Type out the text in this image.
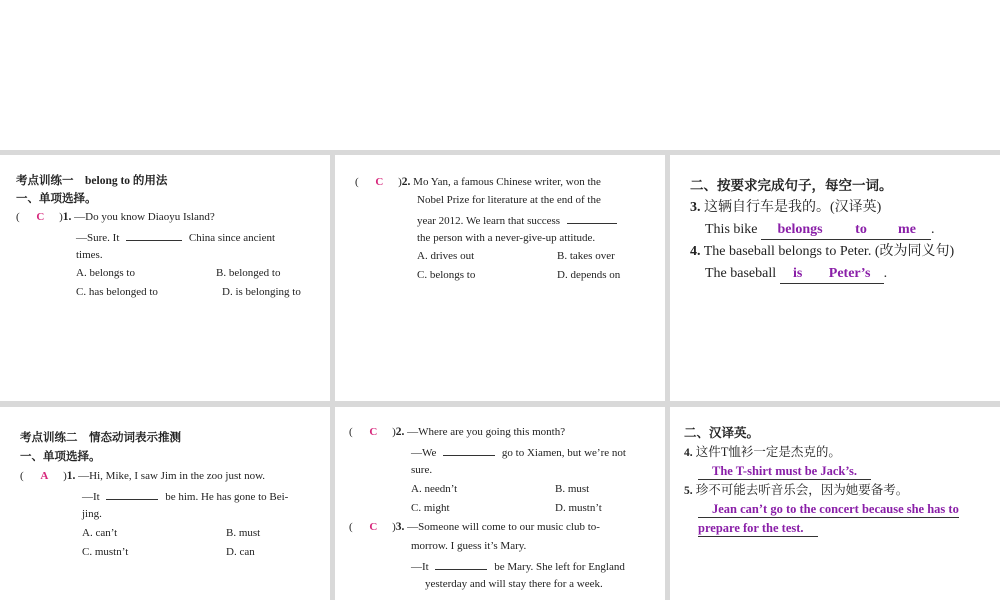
考点训练一　belong to 的用法
一、单项选择。
( C )1. —Do you know Diaoyu Island?
—Sure. It	China since ancient
times.
A. belongs to	B. belonged to
C. has belonged to	D. is belonging to
( C )2. Mo Yan, a famous Chinese writer, won the
Nobel Prize for literature at the end of the
year 2012. We learn that success
the person with a never-give-up attitude.
A. drives out	B. takes over
C. belongs to	D. depends on
二、按要求完成句子，每空一词。
3. 这辆自行车是我的。(汉译英)
This bike belongs to me .
4. The baseball belongs to Peter. (改为同义句)
The baseball is Peter’s .
考点训练二　情态动词表示推测
一、单项选择。
( A )1. —Hi, Mike, I saw Jim in the zoo just now.
—It	be him. He has gone to Bei-
jing.
A. can’t	B. must
C. mustn’t	D. can
( C )2. —Where are you going this month?
—We	go to Xiamen, but we’re not
sure.
A. needn’t	B. must
C. might	D. mustn’t
( C )3. —Someone will come to our music club to-
morrow. I guess it’s Mary.
—It	be Mary. She left for England
yesterday and will stay there for a week.
二、汉译英。
4. 这件T恤衫一定是杰克的。
The T-shirt must be Jack’s.
5. 珍不可能去听音乐会，因为她要备考。
Jean can’t go to the concert because she has to
prepare for the test.
